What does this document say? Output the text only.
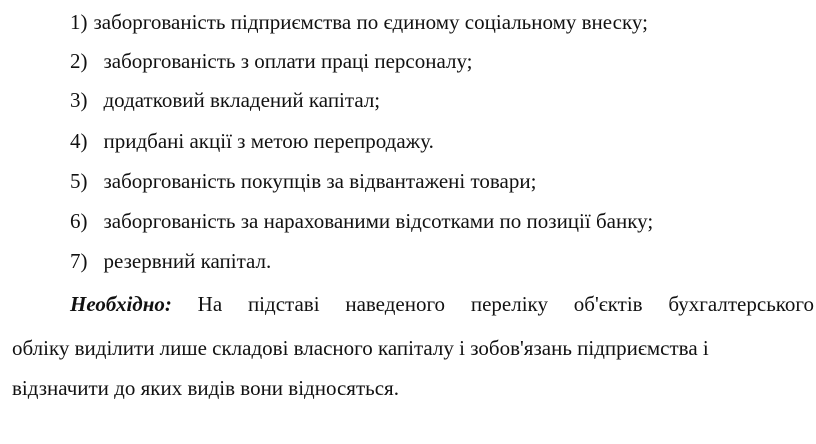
1) заборгованість підприємства по єдиному соціальному внеску;
2) заборгованість з оплати праці персоналу;
3) додатковий вкладений капітал;
4) придбані акції з метою перепродажу.
5) заборгованість покупців за відвантажені товари;
6) заборгованість за нарахованими відсотками по позиції банку;
7) резервний капітал.
Необхідно: На підставі наведеного переліку об'єктів бухгалтерського
обліку виділити лише складові власного капіталу і зобов'язань підприємства і
відзначити до яких видів вони відносяться.
